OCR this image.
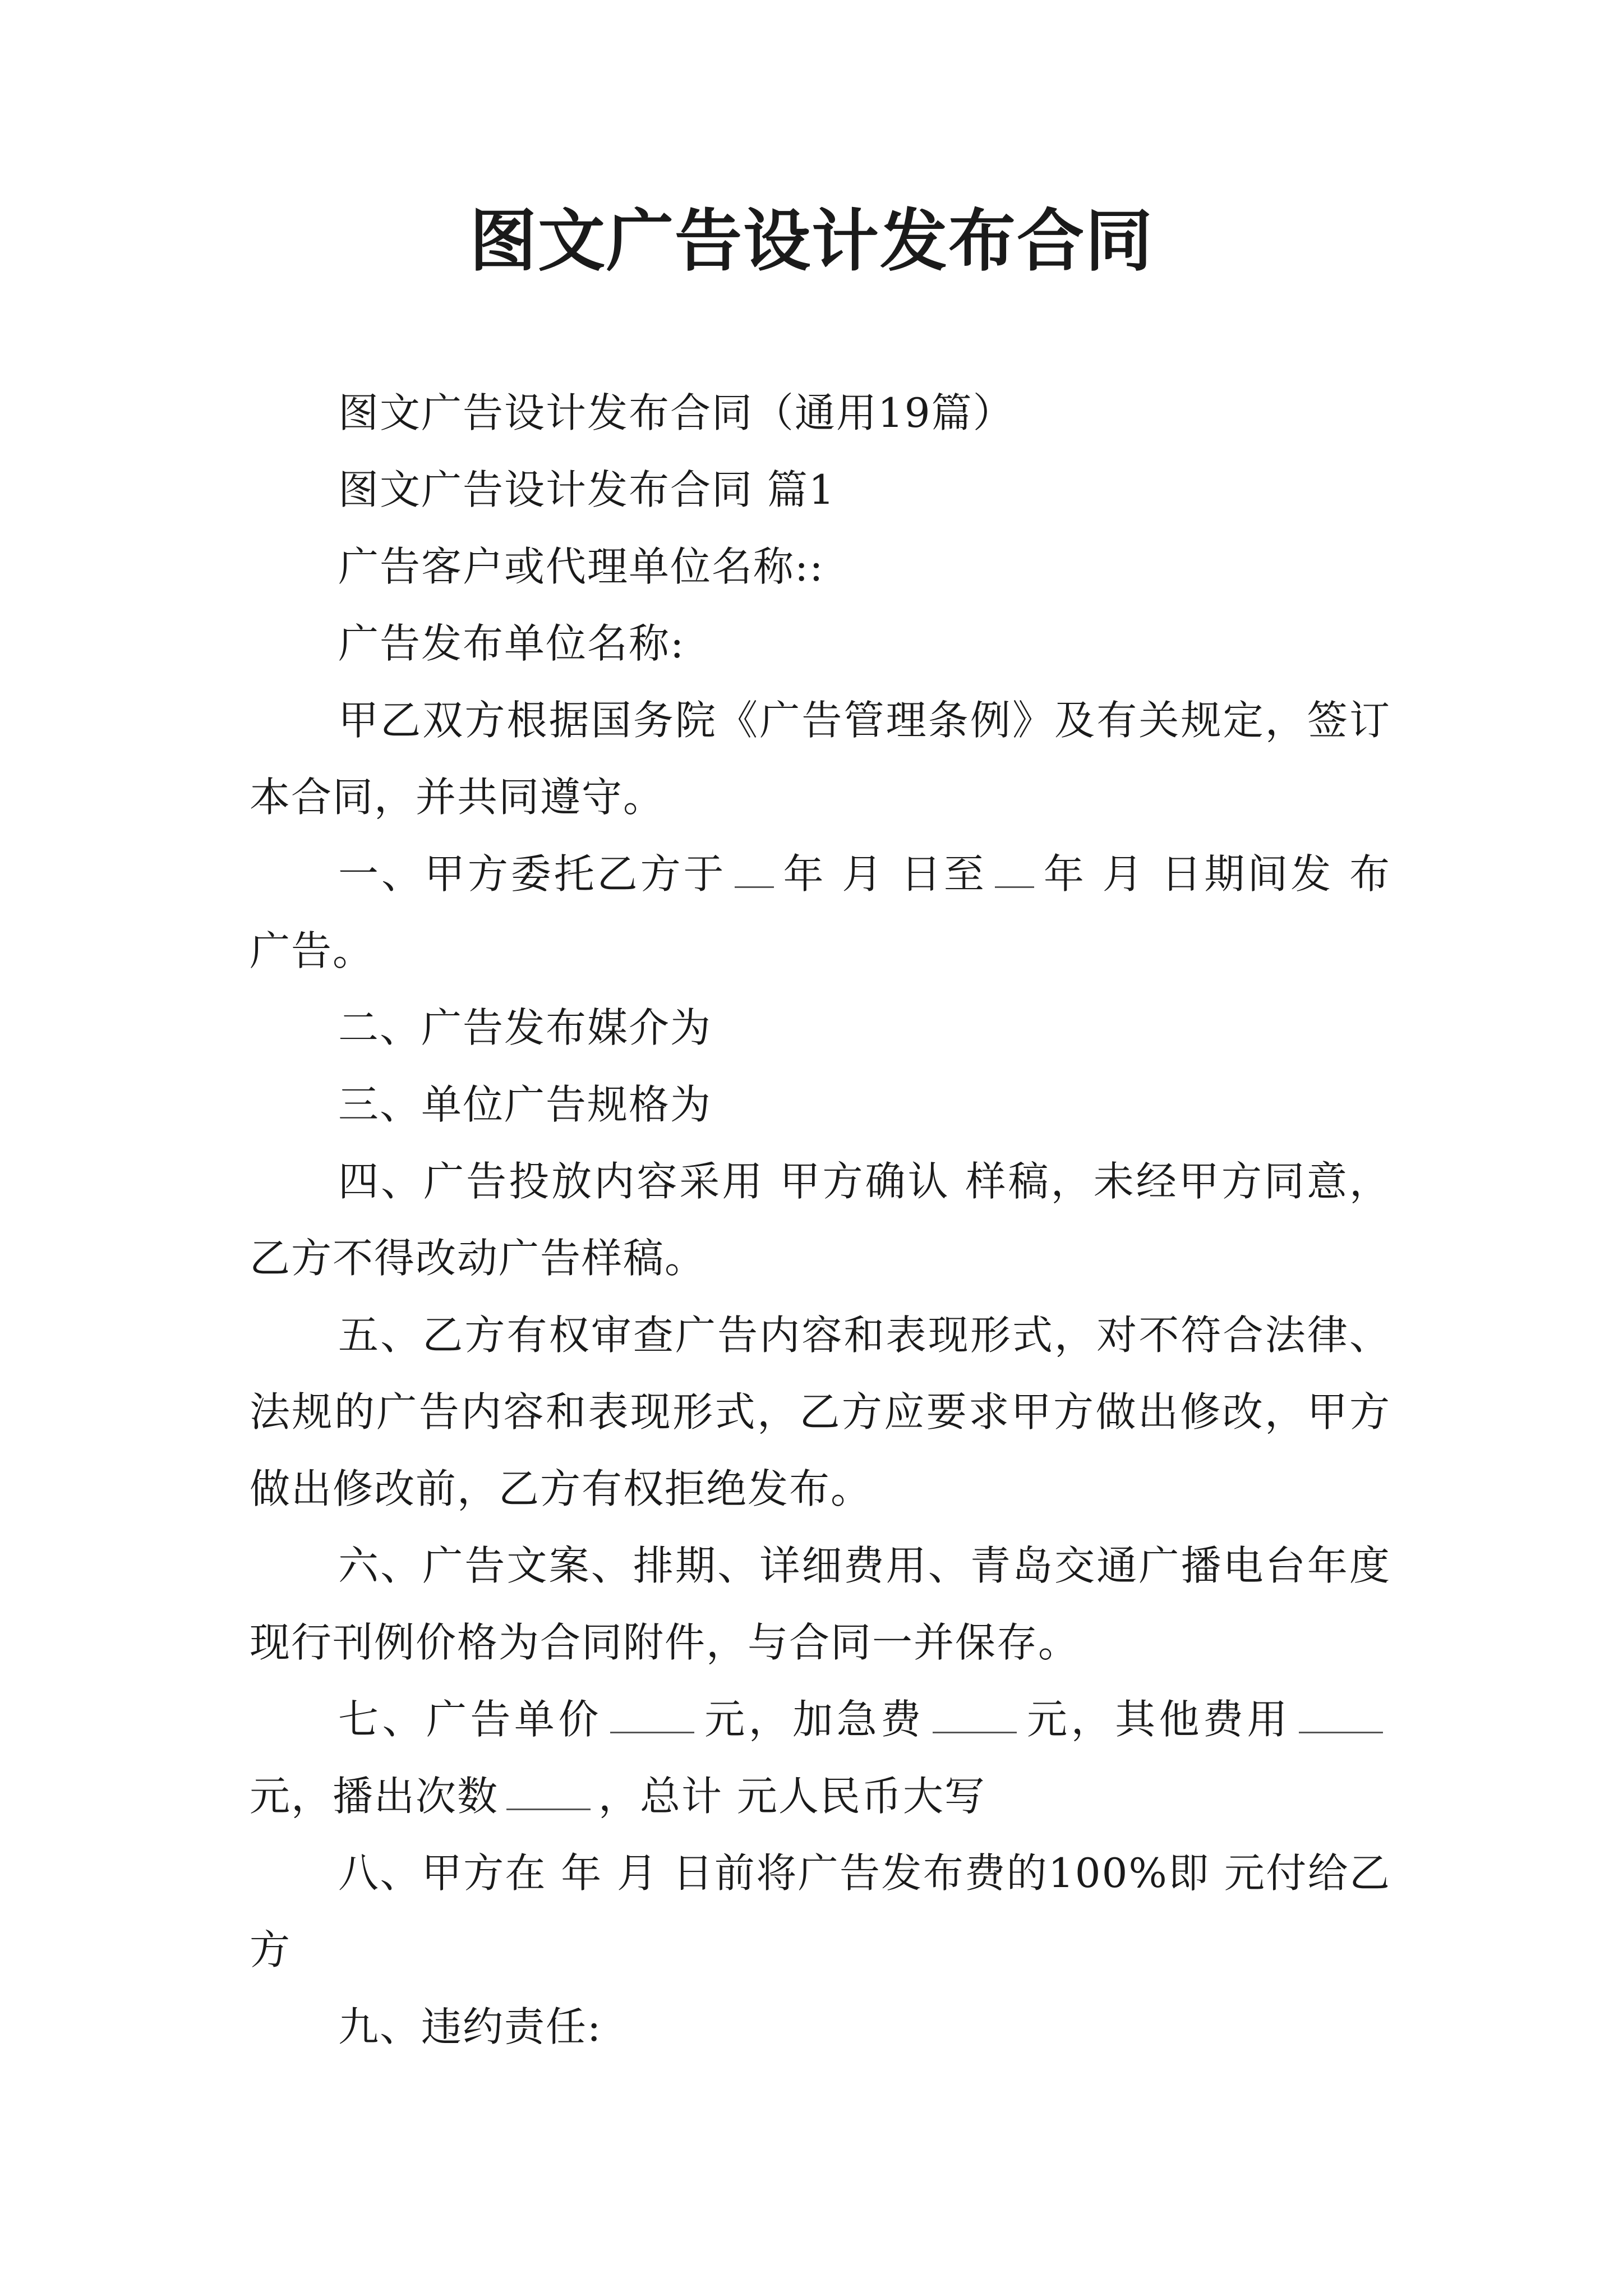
图文广告设计发布合同

图文广告设计发布合同（通用19篇）

图文广告设计发布合同 篇1

广告客户或代理单位名称::

广告发布单位名称:

甲乙双方根据国务院《广告管理条例》及有关规定，签订本合同，并共同遵守。

一、甲方委托乙方于 年 月 日至 年 月 日期间发 布 广告。

二、广告发布媒介为

三、单位广告规格为

四、广告投放内容采用 甲方确认 样稿，未经甲方同意，乙方不得改动广告样稿。

五、乙方有权审查广告内容和表现形式，对不符合法律、法规的广告内容和表现形式，乙方应要求甲方做出修改，甲方做出修改前，乙方有权拒绝发布。

六、广告文案、排期、详细费用、青岛交通广播电台年度现行刊例价格为合同附件，与合同一并保存。

七、广告单价 元，加急费 元，其他费用元，播出次数 ，总计 元人民币大写

八、甲方在 年 月 日前将广告发布费的100%即 元付给乙方

九、违约责任:
